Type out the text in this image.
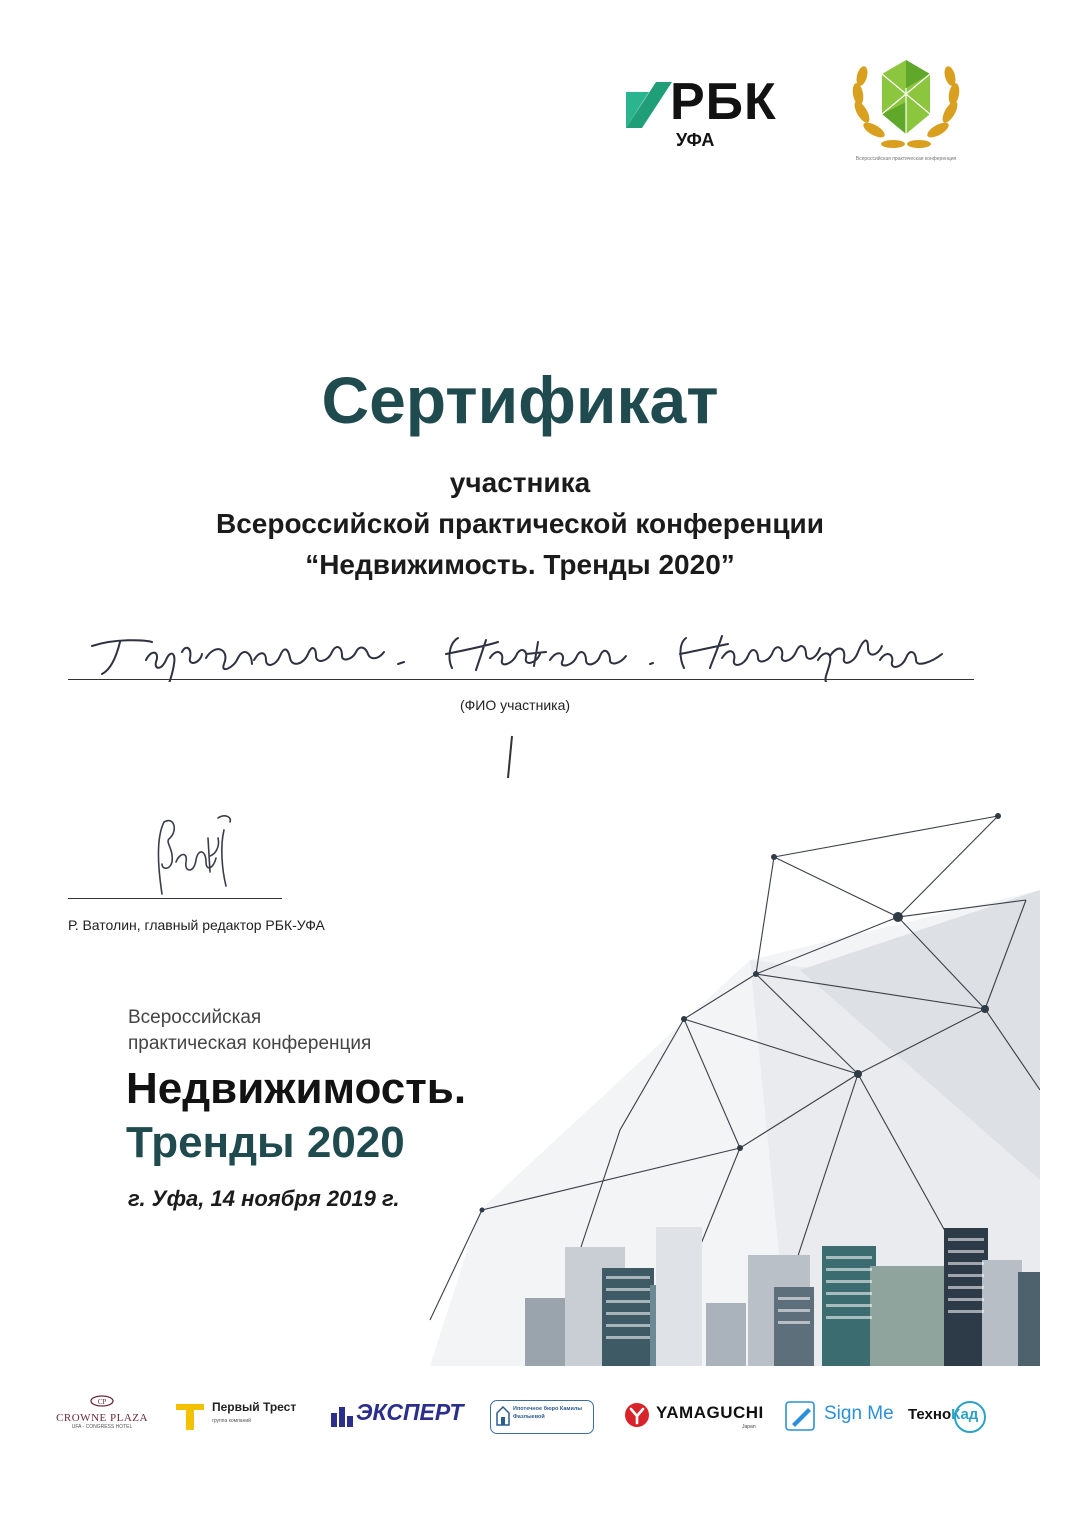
РБК
УФА
Всероссийская практическая конференция
Сертификат
участника
Всероссийской практической конференции
“Недвижимость. Тренды 2020”
(ФИО участника)
Р. Ватолин, главный редактор РБК-УФА
Всероссийская
практическая конференция
Недвижимость.
Тренды 2020
г. Уфа, 14 ноября 2019 г.
CP
CROWNE PLAZA
UFA - CONGRESS HOTEL
Первый Трест
группа компаний	ЭКСПЕРТ	Ипотечное бюро Камилы Фазлыевой	YAMAGUCHI
Japan
Sign Me ТехноКад
